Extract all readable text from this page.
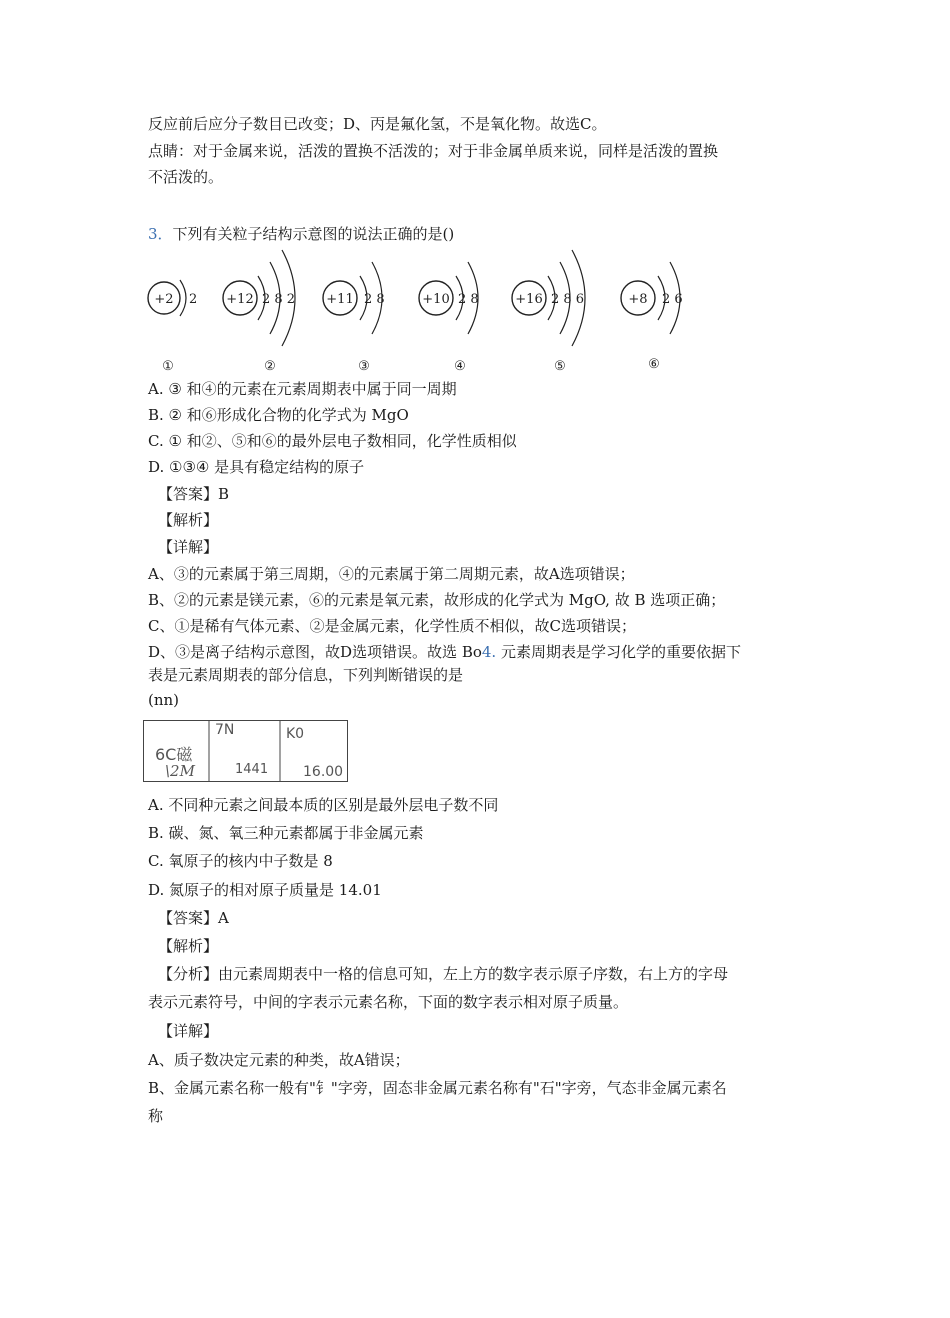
反应前后应分子数目已改变；D、丙是氟化氢，不是氧化物。故选C。
点睛：对于金属来说，活泼的置换不活泼的；对于非金属单质来说，同样是活泼的置换
不活泼的。
3．下列有关粒子结构示意图的说法正确的是()
+2 2
①
+12 2 8 2
②
+11 2 8
③
+10 2 8
④
+16 2 8 6
⑤
+8 2 6
⑥
A. ③ 和④的元素在元素周期表中属于同一周期
B. ② 和⑥形成化合物的化学式为 MgO
C. ① 和②、⑤和⑥的最外层电子数相同，化学性质相似
D. ①③④ 是具有稳定结构的原子
【答案】B
【解析】
【详解】
A、③的元素属于第三周期，④的元素属于第二周期元素，故A选项错误；
B、②的元素是镁元素，⑥的元素是氧元素，故形成的化学式为 MgO, 故 B 选项正确；
C、①是稀有气体元素、②是金属元素，化学性质不相似，故C选项错误；
D、③是离子结构示意图，故D选项错误。故选 Bo4. 元素周期表是学习化学的重要依据下
表是元素周期表的部分信息，下列判断错误的是
(nn)
6C磁
\2M
7N
1441
K0
16.00
A. 不同种元素之间最本质的区别是最外层电子数不同
B. 碳、氮、氧三种元素都属于非金属元素
C. 氧原子的核内中子数是 8
D. 氮原子的相对原子质量是 14.01
【答案】A
【解析】
【分析】由元素周期表中一格的信息可知，左上方的数字表示原子序数，右上方的字母
表示元素符号，中间的字表示元素名称，下面的数字表示相对原子质量。
【详解】
A、质子数决定元素的种类，故A错误；
B、金属元素名称一般有"钅"字旁，固态非金属元素名称有"石"字旁，气态非金属元素名
称
